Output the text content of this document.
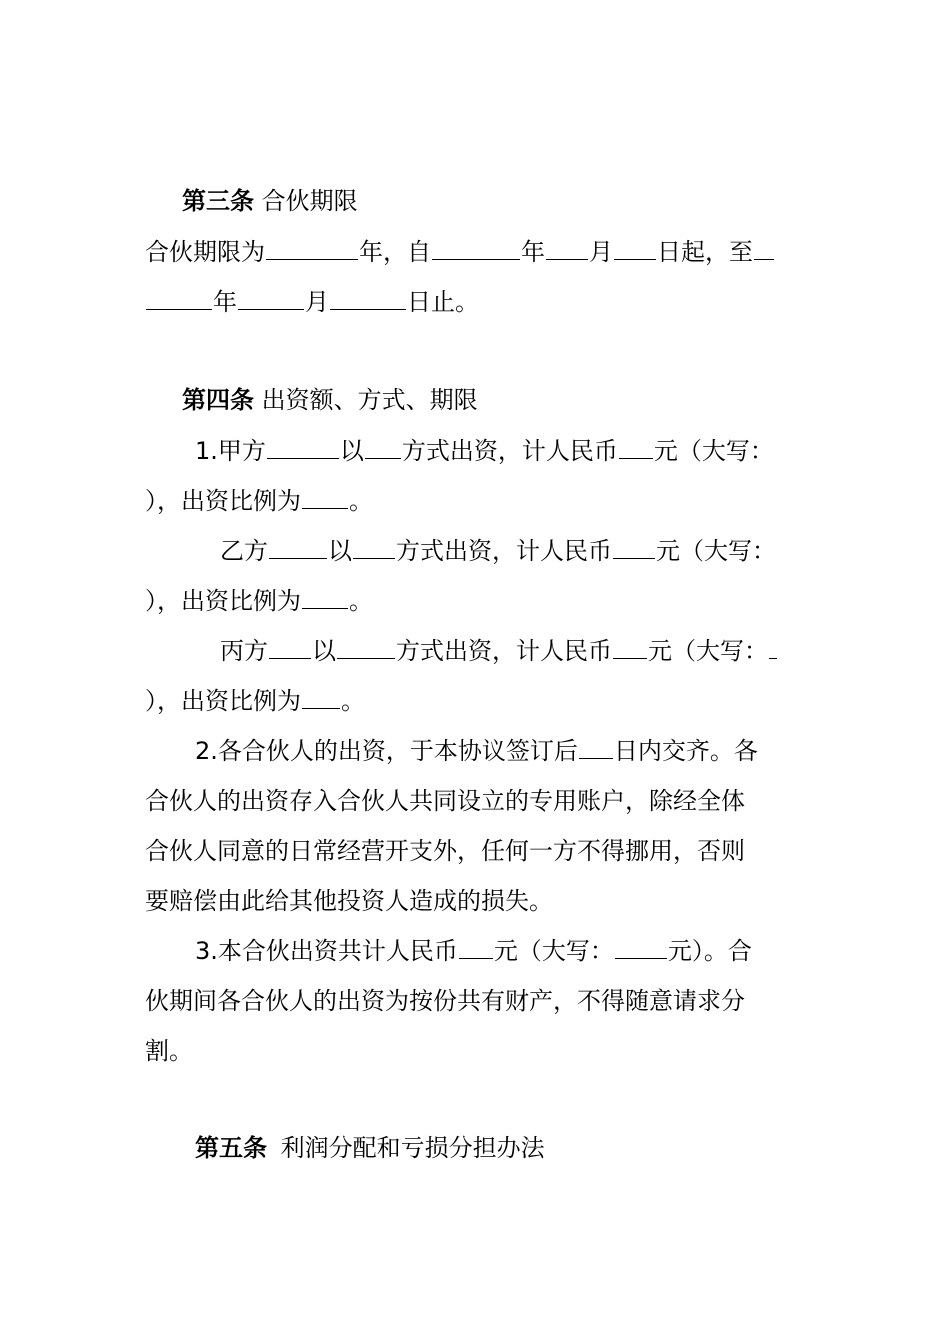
第三条 合伙期限
合伙期限为	年，自	年 月 日起，至
年	月	日止。
第四条 出资额、方式、期限
1.甲方	以 方式出资，计人民币 元（大写：
），出资比例为 。
乙方	以 方式出资，计人民币 元（大写：
），出资比例为 。
丙方 以	方式出资，计人民币 元（大写：
），出资比例为 。
2.各合伙人的出资，于本协议签订后 日内交齐。各
合伙人的出资存入合伙人共同设立的专用账户，除经全体
合伙人同意的日常经营开支外，任何一方不得挪用，否则
要赔偿由此给其他投资人造成的损失。
3.本合伙出资共计人民币 元（大写： 元）。合
伙期间各合伙人的出资为按份共有财产，不得随意请求分
割。
第五条 利润分配和亏损分担办法
